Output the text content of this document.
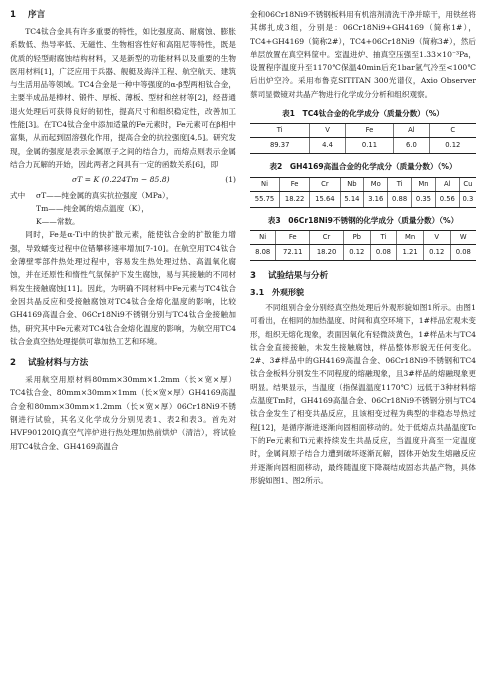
1 序言

TC4钛合金具有许多重要的特性，如比强度高、耐腐蚀、膨胀系数低、热导率低、无磁性、生物相容性好和高阻尼等特性，既是优质的轻型耐腐蚀结构材料，又是新型的功能材料以及重要的生物医用材料[1]，广泛应用于兵器、舰艇及海洋工程、航空航天、建筑与生活用品等领域。TC4合金是一种中等强度的α-β型两相钛合金，主要半成品是棒材、锻件、厚板、薄板、型材和丝材等[2]，经普通退火处理后可获得良好的韧性，提高尺寸和组织稳定性，改善加工性能[3]。在TC4钛合金中添加适量的Fe元素时，Fe元素可在β相中富集，从而起到固溶强化作用，提高合金的抗拉强度[4,5]。研究发现，金属的强度是表示金属原子之间的结合力，而熔点则表示金属结合力瓦解的开始，因此两者之间具有一定的函数关系[6]，即

σT = K (0.224Tm − 85.8)	(1)
式中	σT——纯金属的真实抗拉强度（MPa），
Tm——纯金属的熔点温度（K），
K——常数。

同时，Fe是α-Ti中的快扩散元素，能使钛合金的扩散能力增强，导致蠕变过程中位错攀移速率增加[7-10]。在航空用TC4钛合金薄壁零部件热处理过程中，容易发生热处理过热、高温氧化腐蚀，并在还原性和惰性气氛保护下发生腐蚀，易与其接触的不同材料发生接触腐蚀[11]。因此，为明确不同材料中Fe元素与TC4钛合金因共晶反应和受接触腐蚀对TC4钛合金熔化温度的影响，比较GH4169高温合金、06Cr18Ni9不锈钢分别与TC4钛合金接触加热，研究其中Fe元素对TC4钛合金熔化温度的影响，为航空用TC4钛合金真空热处理提供可靠加热工艺和环境。

2 试验材料与方法

采用航空用原材料80mm×30mm×1.2mm（长×宽×厚）TC4钛合金、80mm×30mm×1mm（长×宽×厚）GH4169高温合金和80mm×30mm×1.2mm（长×宽×厚）06Cr18Ni9不锈钢进行试验，其名义化学成分分别见表1、表2和表3。首先对HVF90120IQ真空气淬炉进行热处理加热前烘炉（清洁），将试验用TC4钛合金、GH4169高温合

金和06Cr18Ni9不锈钢板料用有机溶剂清洗干净并晾干，用铁丝将其绑扎成3组，分别是：06Cr18Ni9+GH4169（简称1#），TC4+GH4169（简称2#），TC4+06Cr18Ni9（简称3#），然后单层放置在真空料筐中。室温进炉、抽真空压强至1.33×10⁻³Pa，设置程序温度升至1170℃保温40min后充1bar氩气冷至<100℃后出炉空冷。采用布鲁克SITITAN 300光谱仪，Axio Observer蔡司显微镜对共晶产物进行化学成分分析和组织观察。

表1　TC4钛合金的化学成分（质量分数）（%）
Ti	V	Fe	Al	C
89.37	4.4	0.11	6.0	0.12
表2　GH4169高温合金的化学成分（质量分数）（%）
Ni	Fe	Cr	Nb	Mo	Ti	Mn	Al	Cu
55.75	18.22	15.64	5.14	3.16	0.88	0.35	0.56	0.3
表3　06Cr18Ni9不锈钢的化学成分（质量分数）（%）
Ni	Fe	Cr	Pb	Ti	Mn	V	W
8.08	72.11	18.20	0.12	0.08	1.21	0.12	0.08
3 试验结果与分析
3.1 外观形貌

不同组别合金分别经真空热处理后外观形貌如图1所示。由图1可看出，在相同的加热温度、时间和真空环境下，1#样品宏观未变形，组织无熔化现象，表面因氧化有轻微淡黄色，1#样品未与TC4钛合金直接接触，未发生接触腐蚀，样品整体形貌无任何变化。2#、3#样品中的GH4169高温合金、06Cr18Ni9不锈钢和TC4钛合金板料分别发生不同程度的熔融现象，且3#样品的熔融现象更明显。结果显示，当温度（指保温温度1170℃）远低于3种材料熔点温度Tm时，GH4169高温合金、06Cr18Ni9不锈钢分别与TC4钛合金发生了相变共晶反应，且该相变过程为典型的非稳态导热过程[12]，是循序渐进逐渐向固相面移动的。处于低熔点共晶温度Tc下的Fe元素和Ti元素持续发生共晶反应，当温度升高至一定温度时，金属间原子结合力遭到破坏逐渐瓦解，固体开始发生熔融反应并逐渐向固相面移动，最终随温度下降凝结成固态共晶产物，具体形貌如图1、图2所示。
